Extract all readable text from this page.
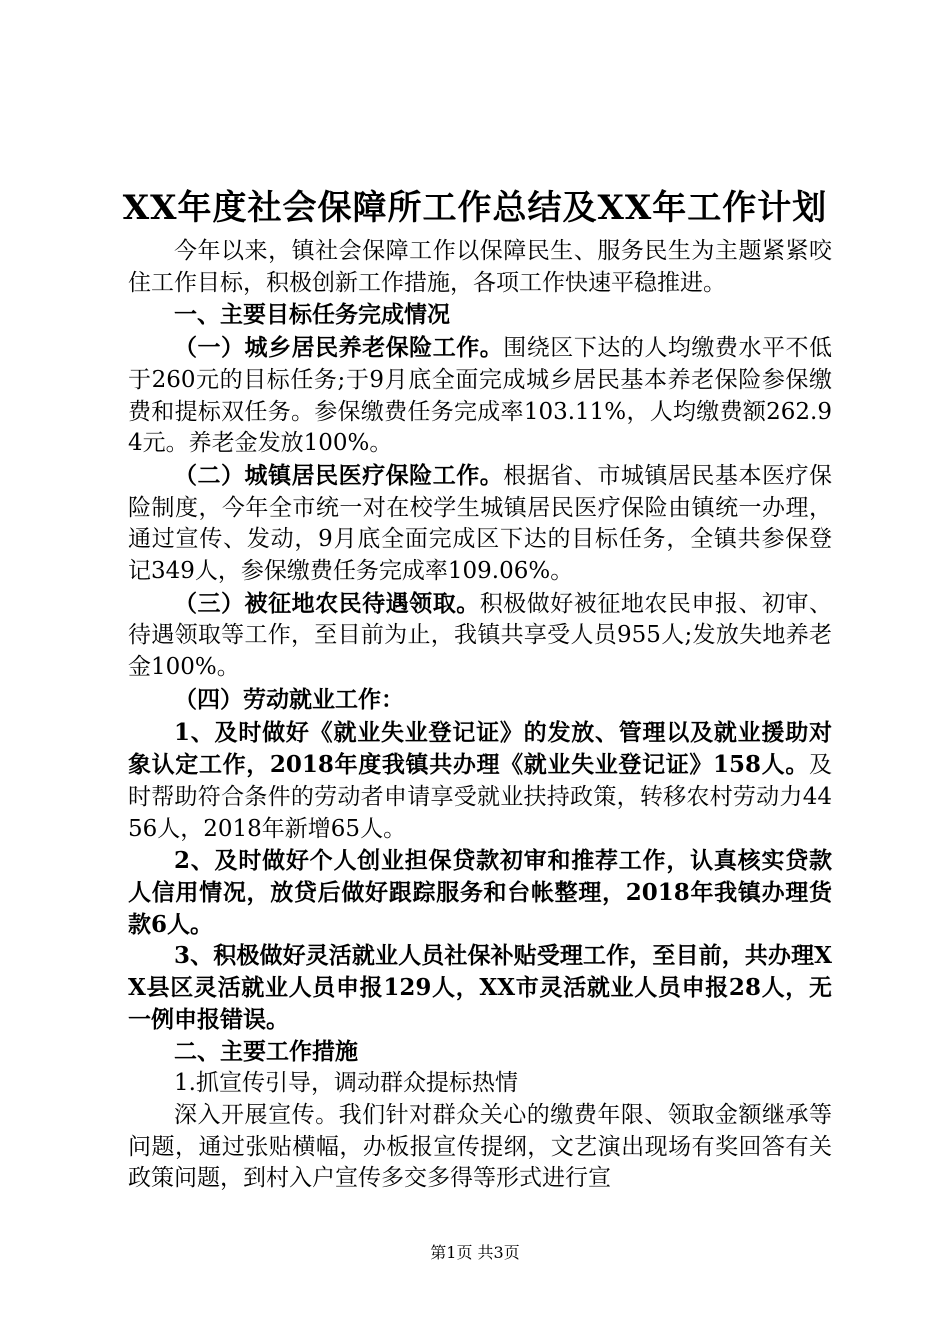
XX年度社会保障所工作总结及XX年工作计划

今年以来，镇社会保障工作以保障民生、服务民生为主题紧紧咬住工作目标，积极创新工作措施，各项工作快速平稳推进。

一、主要目标任务完成情况

（一）城乡居民养老保险工作。围绕区下达的人均缴费水平不低于260元的目标任务;于9月底全面完成城乡居民基本养老保险参保缴费和提标双任务。参保缴费任务完成率103.11%，人均缴费额262.94元。养老金发放100%。

（二）城镇居民医疗保险工作。根据省、市城镇居民基本医疗保险制度，今年全市统一对在校学生城镇居民医疗保险由镇统一办理，通过宣传、发动，9月底全面完成区下达的目标任务，全镇共参保登记349人，参保缴费任务完成率109.06%。

（三）被征地农民待遇领取。积极做好被征地农民申报、初审、待遇领取等工作，至目前为止，我镇共享受人员955人;发放失地养老金100%。

（四）劳动就业工作：

1、及时做好《就业失业登记证》的发放、管理以及就业援助对象认定工作，2018年度我镇共办理《就业失业登记证》158人。及时帮助符合条件的劳动者申请享受就业扶持政策，转移农村劳动力4456人，2018年新增65人。

2、及时做好个人创业担保贷款初审和推荐工作，认真核实贷款人信用情况，放贷后做好跟踪服务和台帐整理，2018年我镇办理货款6人。

3、积极做好灵活就业人员社保补贴受理工作，至目前，共办理XX县区灵活就业人员申报129人，XX市灵活就业人员申报28人，无一例申报错误。

二、主要工作措施

1.抓宣传引导，调动群众提标热情

深入开展宣传。我们针对群众关心的缴费年限、领取金额继承等问题，通过张贴横幅，办板报宣传提纲，文艺演出现场有奖回答有关政策问题，到村入户宣传多交多得等形式进行宣

第1页 共3页
